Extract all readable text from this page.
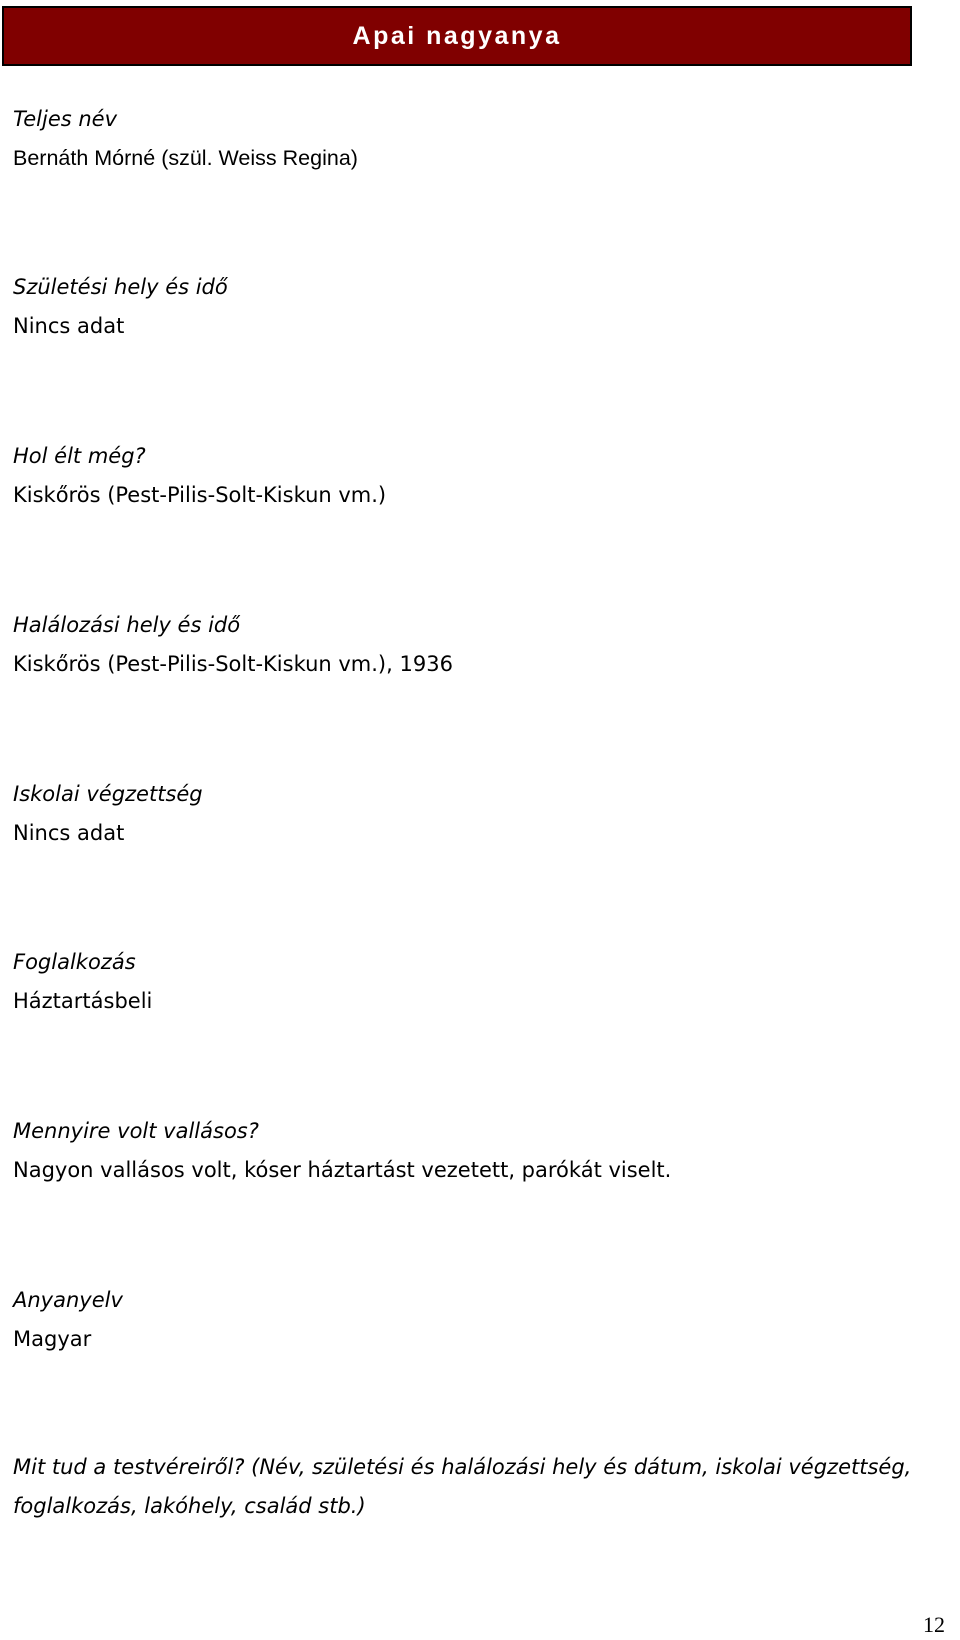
Apai nagyanya
Teljes név
Bernáth Mórné (szül. Weiss Regina)
Születési hely és idő
Nincs adat
Hol élt még?
Kiskőrös (Pest-Pilis-Solt-Kiskun vm.)
Halálozási hely és idő
Kiskőrös (Pest-Pilis-Solt-Kiskun vm.), 1936
Iskolai végzettség
Nincs adat
Foglalkozás
Háztartásbeli
Mennyire volt vallásos?
Nagyon vallásos volt, kóser háztartást vezetett, parókát viselt.
Anyanyelv
Magyar
Mit tud a testvéreiről? (Név, születési és halálozási hely és dátum, iskolai végzettség, foglalkozás, lakóhely, család stb.)
12
